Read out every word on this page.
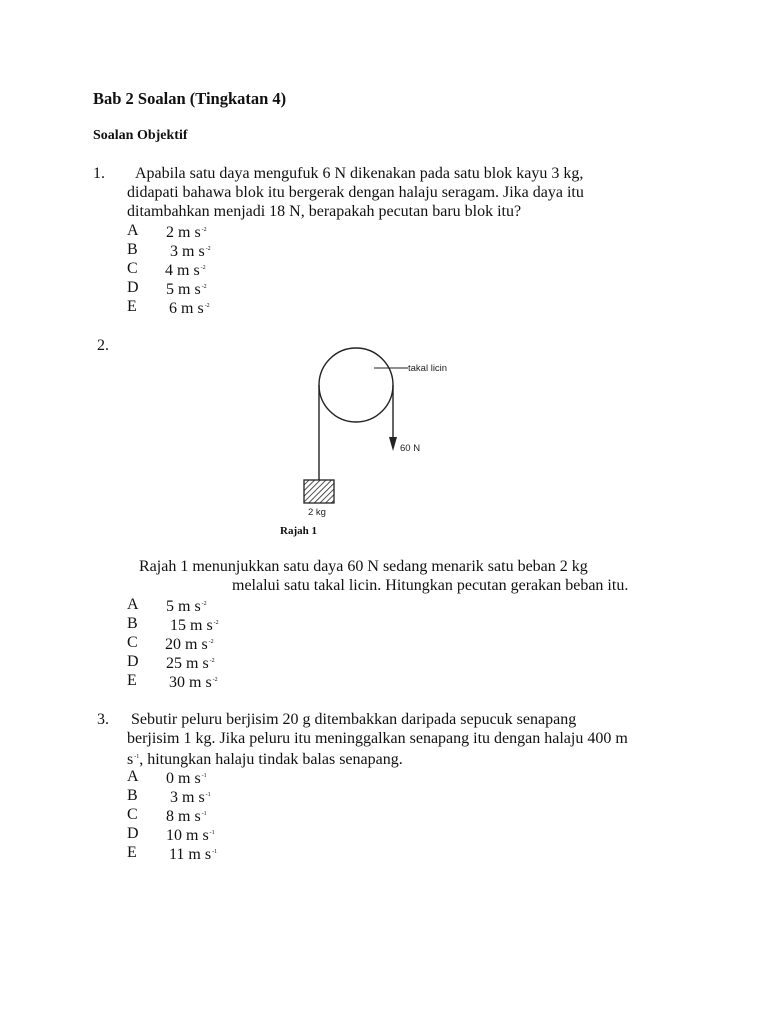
Bab 2 Soalan (Tingkatan 4)
Soalan Objektif
1. Apabila satu daya mengufuk 6 N dikenakan pada satu blok kayu 3 kg,
didapati bahawa blok itu bergerak dengan halaju seragam. Jika daya itu
ditambahkan menjadi 18 N, berapakah pecutan baru blok itu?
A 2 m $s^{-2}$
B 3 m $s^{-2}$
C 4 m $s^{-2}$
D 5 m $s^{-2}$
E 6 m $s^{-2}$
2.
takal licin
60 N
2 kg
Rajah 1
Rajah 1 menunjukkan satu daya 60 N sedang menarik satu beban 2 kg
melalui satu takal licin. Hitungkan pecutan gerakan beban itu.
A 5 m $s^{-2}$
B 15 m $s^{-2}$
C 20 m $s^{-2}$
D 25 m $s^{-2}$
E 30 m $s^{-2}$
3. Sebutir peluru berjisim 20 g ditembakkan daripada sepucuk senapang
berjisim 1 kg. Jika peluru itu meninggalkan senapang itu dengan halaju 400 m
$s^{-1}$, hitungkan halaju tindak balas senapang.
A 0 m $s^{-1}$
B 3 m $s^{-1}$
C 8 m $s^{-1}$
D 10 m $s^{-1}$
E 11 m $s^{-1}$
